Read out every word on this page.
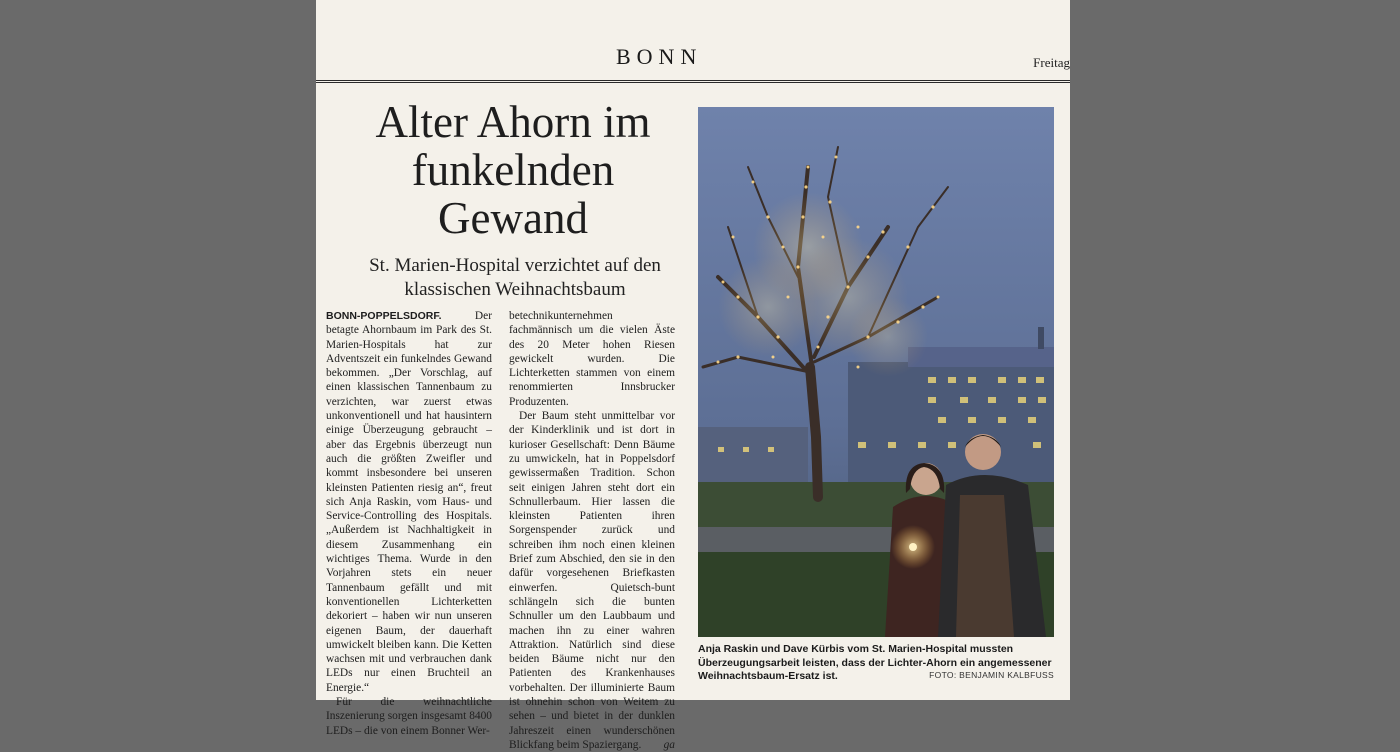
BONN	Freitag
Alter Ahorn im funkelnden Gewand
St. Marien-Hospital verzichtet auf den klassischen Weihnachtsbaum

BONN-POPPELSDORF.	Der betagte Ahornbaum im Park des St. Marien-Hospitals hat zur Adventszeit ein funkelndes Gewand bekommen. „Der Vorschlag, auf einen klassischen Tannenbaum zu verzichten, war zuerst etwas unkonventionell und hat hausintern einige Überzeugung gebraucht – aber das Ergebnis überzeugt nun auch die größten Zweifler und kommt insbesondere bei unseren kleinsten Patienten riesig an“, freut sich Anja Raskin, vom Haus- und Service-Controlling des Hospitals. „Außerdem ist Nachhaltigkeit in diesem Zusammenhang ein wichtiges Thema. Wurde in den Vorjahren stets ein neuer Tannenbaum gefällt und mit konventionellen Lichterketten dekoriert – haben wir nun unseren eigenen Baum, der dauerhaft umwickelt bleiben kann. Die Ketten wachsen mit und verbrauchen dank LEDs nur einen Bruchteil an Energie.“

Für die weihnachtliche Inszenierung sorgen insgesamt 8400 LEDs – die von einem Bonner Wer-

betechnikunternehmen fachmännisch um die vielen Äste des 20 Meter hohen Riesen gewickelt wurden. Die Lichterketten stammen von einem renommierten Innsbrucker Produzenten.

Der Baum steht unmittelbar vor der Kinderklinik und ist dort in kurioser Gesellschaft: Denn Bäume zu umwickeln, hat in Poppelsdorf gewissermaßen Tradition. Schon seit einigen Jahren steht dort ein Schnullerbaum. Hier lassen die kleinsten Patienten ihren Sorgenspender zurück und schreiben ihm noch einen kleinen Brief zum Abschied, den sie in den dafür vorgesehenen Briefkasten einwerfen. Quietsch-bunt schlängeln sich die bunten Schnuller um den Laubbaum und machen ihn zu einer wahren Attraktion. Natürlich sind diese beiden Bäume nicht nur den Patienten des Krankenhauses vorbehalten. Der illuminierte Baum ist ohnehin schon von Weitem zu sehen – und bietet in der dunklen Jahreszeit einen wunderschönen Blickfang beim Spaziergang.	ga

Anja Raskin und Dave Kürbis vom St. Marien-Hospital mussten Überzeugungsarbeit leisten, dass der Lichter-Ahorn ein angemessener Weihnachtsbaum-Ersatz ist.	FOTO: BENJAMIN KALBFUSS
